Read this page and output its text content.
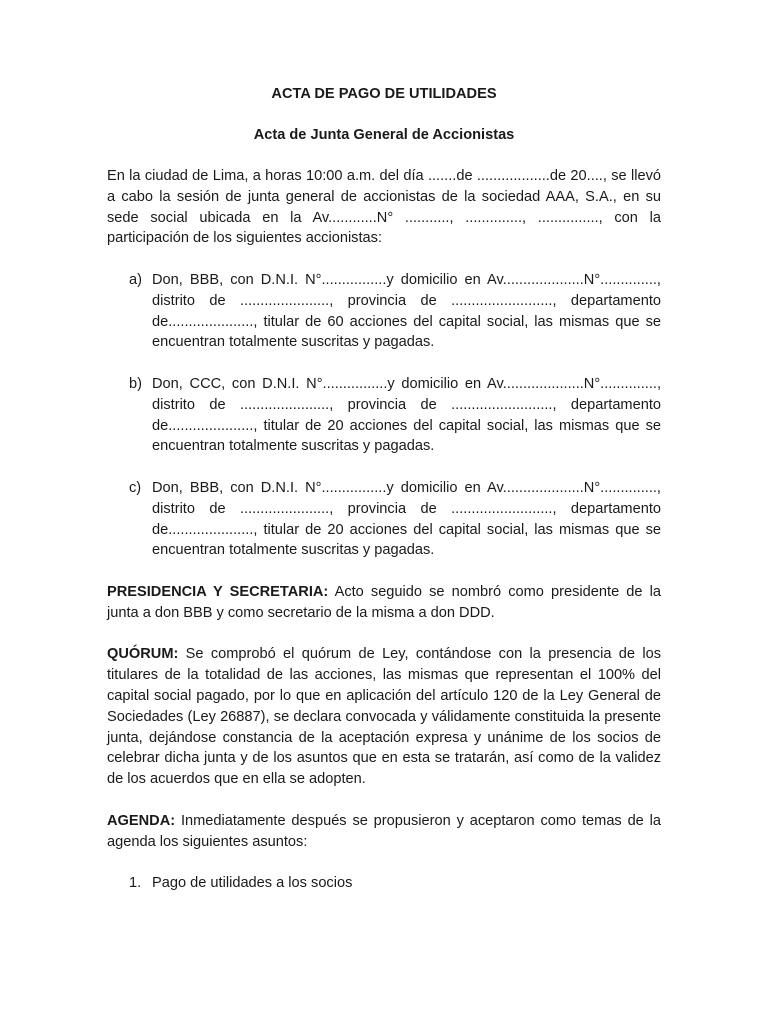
ACTA DE PAGO DE UTILIDADES
Acta de Junta General de Accionistas
En la ciudad de Lima, a horas 10:00 a.m. del día .......de ..................de 20...., se llevó a cabo la sesión de junta general de accionistas de la sociedad AAA, S.A., en su sede social ubicada en la Av............N° ..........., .............., ..............., con la participación de los siguientes accionistas:
a) Don, BBB, con D.N.I. N°................y domicilio en Av....................N°.............., distrito de ......................, provincia de ........................., departamento de....................., titular de 60 acciones del capital social, las mismas que se encuentran totalmente suscritas y pagadas.
b) Don, CCC, con D.N.I. N°................y domicilio en Av....................N°.............., distrito de ......................, provincia de ........................., departamento de....................., titular de 20 acciones del capital social, las mismas que se encuentran totalmente suscritas y pagadas.
c) Don, BBB, con D.N.I. N°................y domicilio en Av....................N°.............., distrito de ......................, provincia de ........................., departamento de....................., titular de 20 acciones del capital social, las mismas que se encuentran totalmente suscritas y pagadas.
PRESIDENCIA Y SECRETARIA: Acto seguido se nombró como presidente de la junta a don BBB y como secretario de la misma a don DDD.
QUÓRUM: Se comprobó el quórum de Ley, contándose con la presencia de los titulares de la totalidad de las acciones, las mismas que representan el 100% del capital social pagado, por lo que en aplicación del artículo 120 de la Ley General de Sociedades (Ley 26887), se declara convocada y válidamente constituida la presente junta, dejándose constancia de la aceptación expresa y unánime de los socios de celebrar dicha junta y de los asuntos que en esta se tratarán, así como de la validez de los acuerdos que en ella se adopten.
AGENDA: Inmediatamente después se propusieron y aceptaron como temas de la agenda los siguientes asuntos:
1. Pago de utilidades a los socios
